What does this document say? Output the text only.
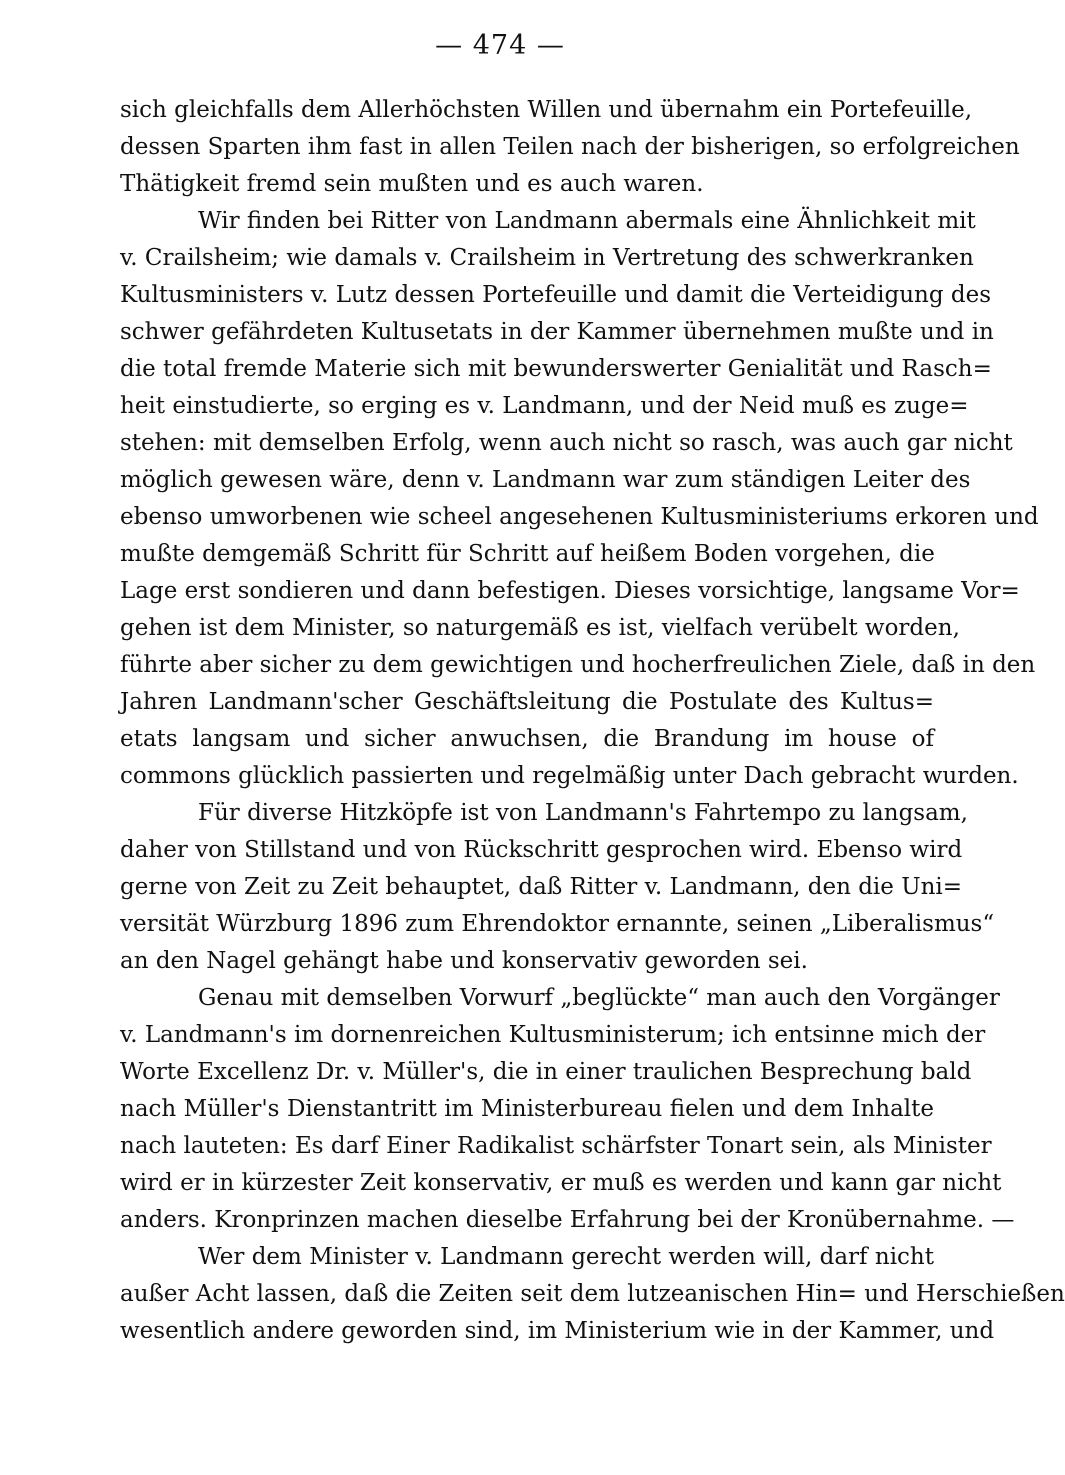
— 474 —
sich gleichfalls dem Allerhöchsten Willen und übernahm ein Portefeuille,
dessen Sparten ihm fast in allen Teilen nach der bisherigen, so erfolgreichen
Thätigkeit fremd sein mußten und es auch waren.
Wir finden bei Ritter von Landmann abermals eine Ähnlichkeit mit
v. Crailsheim; wie damals v. Crailsheim in Vertretung des schwerkranken
Kultusministers v. Lutz dessen Portefeuille und damit die Verteidigung des
schwer gefährdeten Kultusetats in der Kammer übernehmen mußte und in
die total fremde Materie sich mit bewunderswerter Genialität und Rasch=
heit einstudierte, so erging es v. Landmann, und der Neid muß es zuge=
stehen: mit demselben Erfolg, wenn auch nicht so rasch, was auch gar nicht
möglich gewesen wäre, denn v. Landmann war zum ständigen Leiter des
ebenso umworbenen wie scheel angesehenen Kultusministeriums erkoren und
mußte demgemäß Schritt für Schritt auf heißem Boden vorgehen, die
Lage erst sondieren und dann befestigen. Dieses vorsichtige, langsame Vor=
gehen ist dem Minister, so naturgemäß es ist, vielfach verübelt worden,
führte aber sicher zu dem gewichtigen und hocherfreulichen Ziele, daß in den
Jahren Landmann'scher Geschäftsleitung die Postulate des Kultus=
etats langsam und sicher anwuchsen, die Brandung im house of
commons glücklich passierten und regelmäßig unter Dach gebracht wurden.
Für diverse Hitzköpfe ist von Landmann's Fahrtempo zu langsam,
daher von Stillstand und von Rückschritt gesprochen wird. Ebenso wird
gerne von Zeit zu Zeit behauptet, daß Ritter v. Landmann, den die Uni=
versität Würzburg 1896 zum Ehrendoktor ernannte, seinen „Liberalismus“
an den Nagel gehängt habe und konservativ geworden sei.
Genau mit demselben Vorwurf „beglückte“ man auch den Vorgänger
v. Landmann's im dornenreichen Kultusministerum; ich entsinne mich der
Worte Excellenz Dr. v. Müller's, die in einer traulichen Besprechung bald
nach Müller's Dienstantritt im Ministerbureau fielen und dem Inhalte
nach lauteten: Es darf Einer Radikalist schärfster Tonart sein, als Minister
wird er in kürzester Zeit konservativ, er muß es werden und kann gar nicht
anders. Kronprinzen machen dieselbe Erfahrung bei der Kronübernahme. —
Wer dem Minister v. Landmann gerecht werden will, darf nicht
außer Acht lassen, daß die Zeiten seit dem lutzeanischen Hin= und Herschießen
wesentlich andere geworden sind, im Ministerium wie in der Kammer, und
